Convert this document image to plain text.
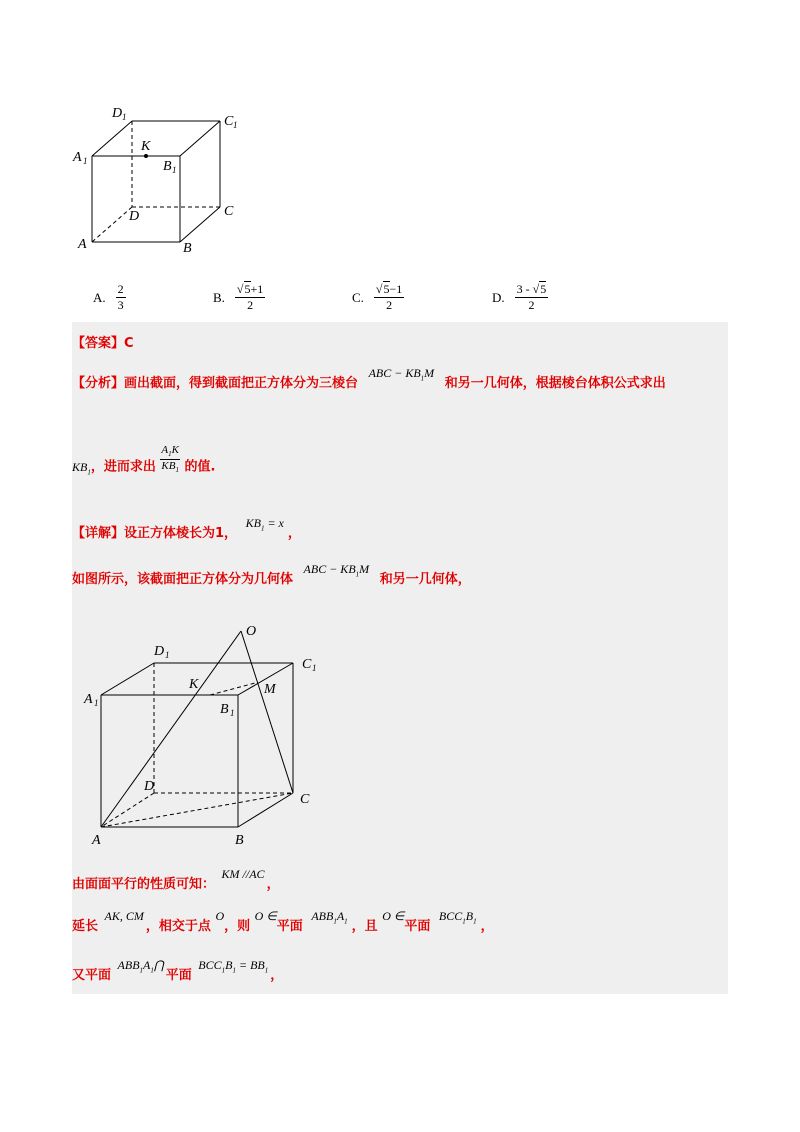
D 1	C 1
A 1
K
B 1
C
D
A	B
A. $\frac{2}{3}$	B. $\frac{√5+1}{2}$	C. $\frac{√5-1}{2}$	D. $\frac{3 - √5}{2}$
【答案】C
【分析】画出截面，得到截面把正方体分为三棱台 ABC − $KB_1M$ 和另一几何体，根据棱台体积公式求出
$KB_1$，进而求出 $\frac{A_1K}{KB_1}$ 的值.
【详解】设正方体棱长为1， $KB_1 = x$，
如图所示，该截面把正方体分为几何体 ABC − $KB_1M$ 和另一几何体，
O
D 1
C 1
A 1
K	M
B 1
D
C
A	B
由面面平行的性质可知： KM //AC，
延长 AK, CM，相交于点 O，则 O ∈平面 $ABB_1A_1$ ，且 O ∈平面 $BCC_1B_1$ ，
又平面 $ABB_1A_1⋂$平面 $BCC_1B_1 = BB_1$ ，
